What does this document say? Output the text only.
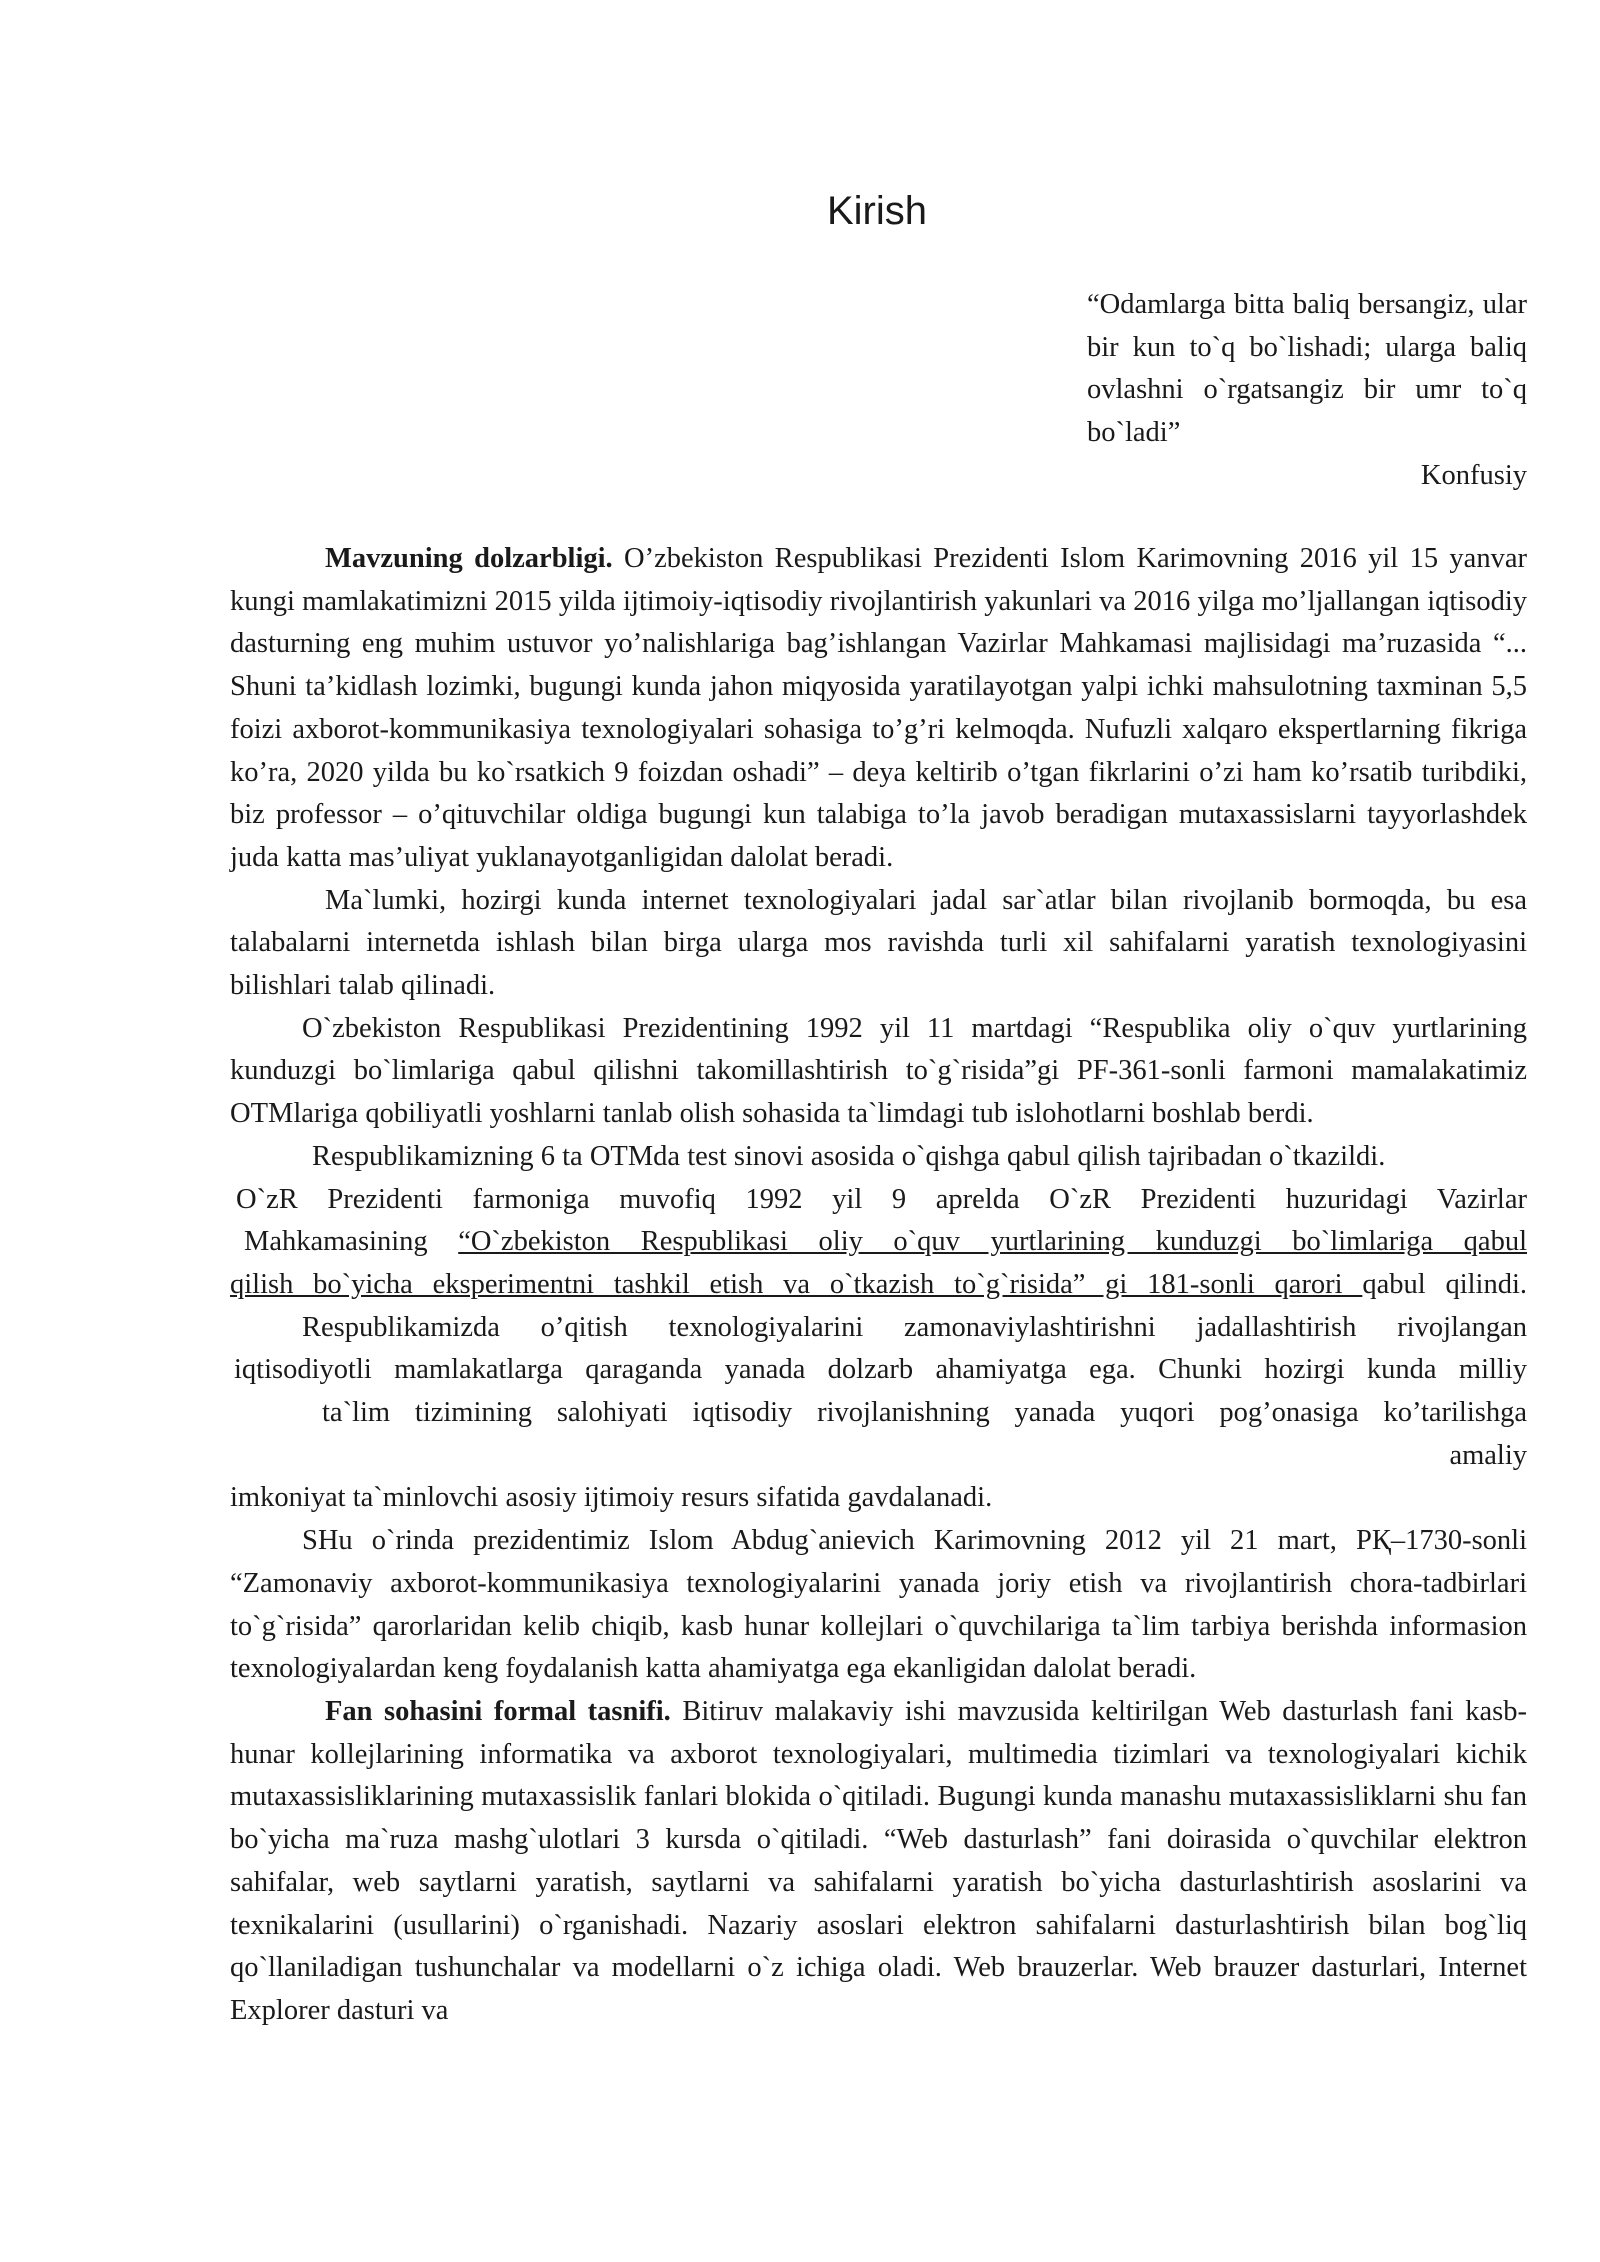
Kirish
“Odamlarga bitta baliq bersangiz, ular bir kun to`q bo`lishadi; ularga baliq ovlashni o`rgatsangiz bir umr to`q bo`ladi”
Konfusiy

Mavzuning dolzarbligi. O’zbekiston Respublikasi Prezidenti Islom Karimovning 2016 yil 15 yanvar kungi mamlakatimizni 2015 yilda ijtimoiy-iqtisodiy rivojlantirish yakunlari va 2016 yilga mo’ljallangan iqtisodiy dasturning eng muhim ustuvor yo’nalishlariga bag’ishlangan Vazirlar Mahkamasi majlisidagi ma’ruzasida “... Shuni ta’kidlash lozimki, bugungi kunda jahon miqyosida yaratilayotgan yalpi ichki mahsulotning taxminan 5,5 foizi axborot-kommunikasiya texnologiyalari sohasiga to’g’ri kelmoqda. Nufuzli xalqaro ekspertlarning fikriga ko’ra, 2020 yilda bu ko`rsatkich 9 foizdan oshadi” – deya keltirib o’tgan fikrlarini o’zi ham ko’rsatib turibdiki, biz professor – o’qituvchilar oldiga bugungi kun talabiga to’la javob beradigan mutaxassislarni tayyorlashdek juda katta mas’uliyat yuklanayotganligidan dalolat beradi.

Ma`lumki, hozirgi kunda internet texnologiyalari jadal sar`atlar bilan rivojlanib bormoqda, bu esa talabalarni internetda ishlash bilan birga ularga mos ravishda turli xil sahifalarni yaratish texnologiyasini bilishlari talab qilinadi.

O`zbekiston Respublikasi Prezidentining 1992 yil 11 martdagi “Respublika oliy o`quv yurtlarining kunduzgi bo`limlariga qabul qilishni takomillashtirish to`g`risida”gi PF-361-sonli farmoni mamalakatimiz OTMlariga qobiliyatli yoshlarni tanlab olish sohasida ta`limdagi tub islohotlarni boshlab berdi.

Respublikamizning 6 ta OTMda test sinovi asosida o`qishga qabul qilish tajribadan o`tkazildi.
O`zR Prezidenti farmoniga muvofiq 1992 yil 9 aprelda O`zR Prezidenti huzuridagi Vazirlar
Mahkamasining “O`zbekiston Respublikasi oliy o`quv yurtlarining kunduzgi bo`limlariga qabul
qilish bo`yicha eksperimentni tashkil etish va o`tkazish to`g`risida” gi 181-sonli qarori qabul qilindi.
Respublikamizda o’qitish texnologiyalarini zamonaviylashtirishni jadallashtirish rivojlangan
iqtisodiyotli mamlakatlarga qaraganda yanada dolzarb ahamiyatga ega. Chunki hozirgi kunda milliy
ta`lim tizimining salohiyati iqtisodiy rivojlanishning yanada yuqori pog’onasiga ko’tarilishga
amaliy
imkoniyat ta`minlovchi asosiy ijtimoiy resurs sifatida gavdalanadi.

SHu o`rinda prezidentimiz Islom Abdug`anievich Karimovning 2012 yil 21 mart, PҚ–1730-sonli “Zamonaviy axborot-kommunikasiya texnologiyalarini yanada joriy etish va rivojlantirish chora-tadbirlari to`g`risida” qarorlaridan kelib chiqib, kasb hunar kollejlari o`quvchilariga ta`lim tarbiya berishda informasion texnologiyalardan keng foydalanish katta ahamiyatga ega ekanligidan dalolat beradi.

Fan sohasini formal tasnifi. Bitiruv malakaviy ishi mavzusida keltirilgan Web dasturlash fani kasb-hunar kollejlarining informatika va axborot texnologiyalari, multimedia tizimlari va texnologiyalari kichik mutaxassisliklarining mutaxassislik fanlari blokida o`qitiladi. Bugungi kunda manashu mutaxassisliklarni shu fan bo`yicha ma`ruza mashg`ulotlari 3 kursda o`qitiladi. “Web dasturlash” fani doirasida o`quvchilar elektron sahifalar, web saytlarni yaratish, saytlarni va sahifalarni yaratish bo`yicha dasturlashtirish asoslarini va texnikalarini (usullarini) o`rganishadi. Nazariy asoslari elektron sahifalarni dasturlashtirish bilan bog`liq qo`llaniladigan tushunchalar va modellarni o`z ichiga oladi. Web brauzerlar. Web brauzer dasturlari, Internet Explorer dasturi va
